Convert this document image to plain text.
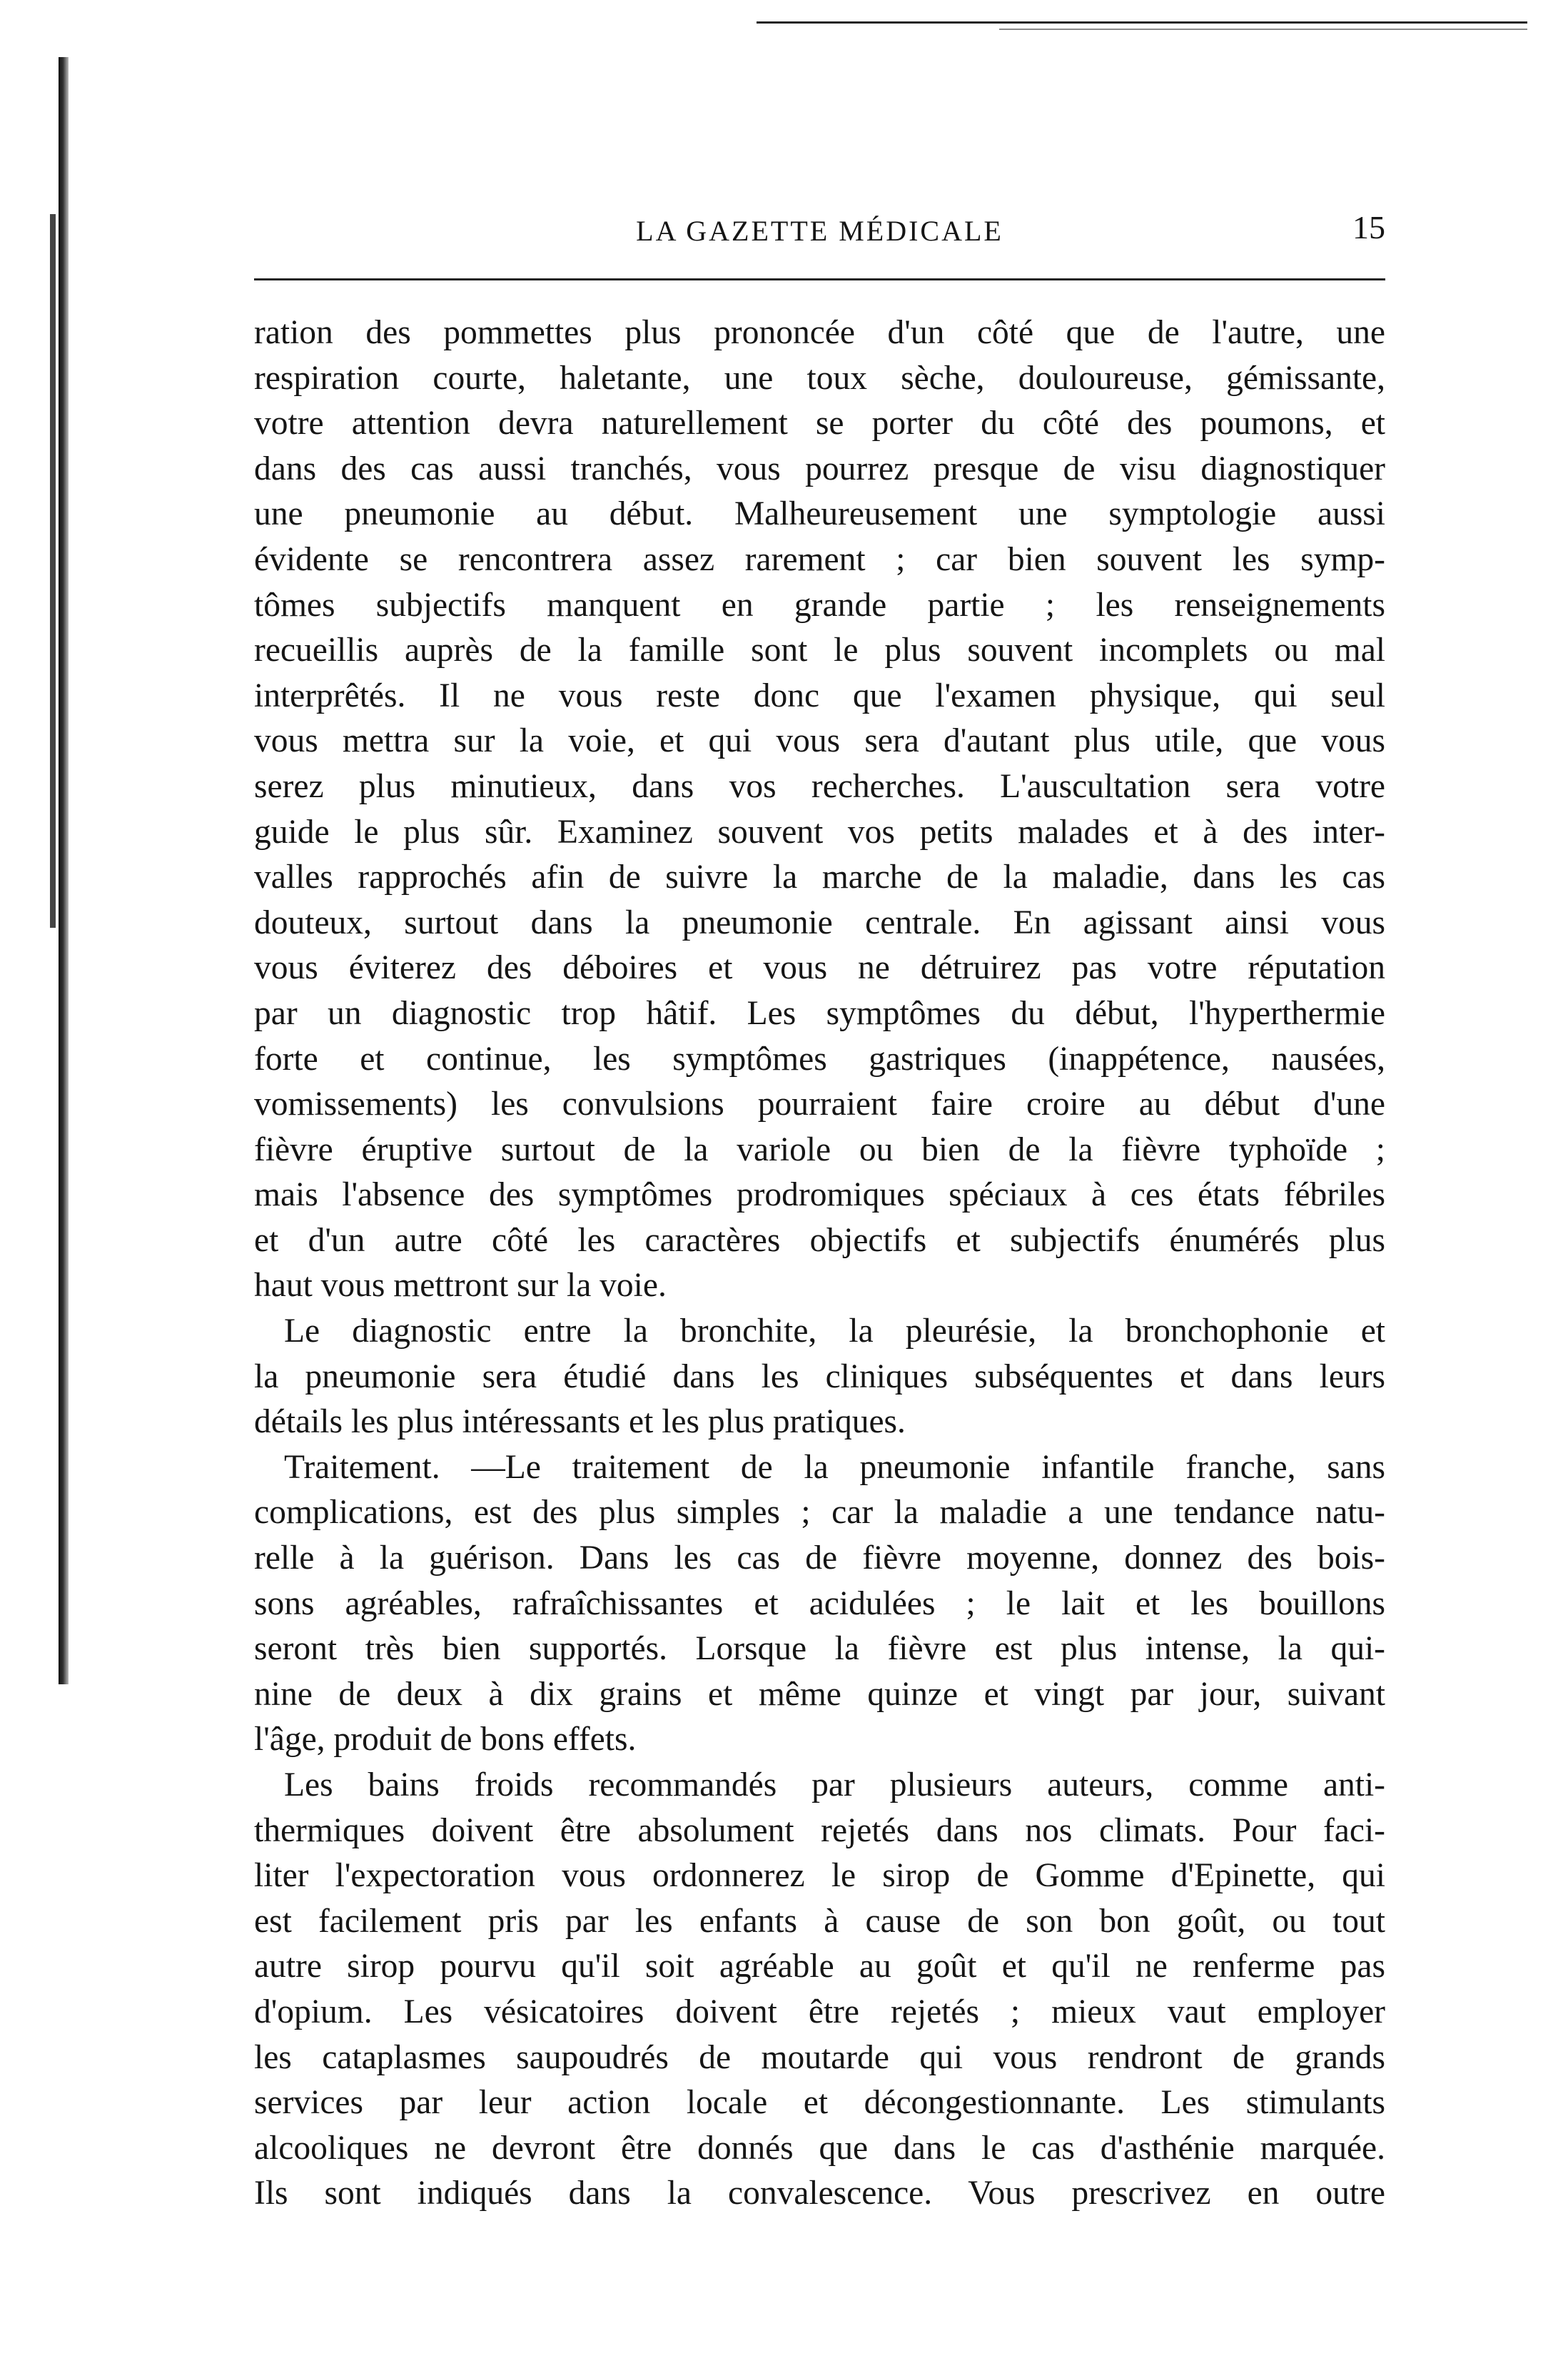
LA GAZETTE MÉDICALE	15
ration des pommettes plus prononcée d'un côté que de l'autre, une
respiration courte, haletante, une toux sèche, douloureuse, gémissante,
votre attention devra naturellement se porter du côté des poumons, et
dans des cas aussi tranchés, vous pourrez presque de visu diagnostiquer
une pneumonie au début. Malheureusement une symptologie aussi
évidente se rencontrera assez rarement ; car bien souvent les symp-
tômes subjectifs manquent en grande partie ; les renseignements
recueillis auprès de la famille sont le plus souvent incomplets ou mal
interprêtés. Il ne vous reste donc que l'examen physique, qui seul
vous mettra sur la voie, et qui vous sera d'autant plus utile, que vous
serez plus minutieux, dans vos recherches. L'auscultation sera votre
guide le plus sûr. Examinez souvent vos petits malades et à des inter-
valles rapprochés afin de suivre la marche de la maladie, dans les cas
douteux, surtout dans la pneumonie centrale. En agissant ainsi vous
vous éviterez des déboires et vous ne détruirez pas votre réputation
par un diagnostic trop hâtif. Les symptômes du début, l'hyperthermie
forte et continue, les symptômes gastriques (inappétence, nausées,
vomissements) les convulsions pourraient faire croire au début d'une
fièvre éruptive surtout de la variole ou bien de la fièvre typhoïde ;
mais l'absence des symptômes prodromiques spéciaux à ces états fébriles
et d'un autre côté les caractères objectifs et subjectifs énumérés plus
haut vous mettront sur la voie.
Le diagnostic entre la bronchite, la pleurésie, la bronchophonie et
la pneumonie sera étudié dans les cliniques subséquentes et dans leurs
détails les plus intéressants et les plus pratiques.
Traitement. —Le traitement de la pneumonie infantile franche, sans
complications, est des plus simples ; car la maladie a une tendance natu-
relle à la guérison. Dans les cas de fièvre moyenne, donnez des bois-
sons agréables, rafraîchissantes et acidulées ; le lait et les bouillons
seront très bien supportés. Lorsque la fièvre est plus intense, la qui-
nine de deux à dix grains et même quinze et vingt par jour, suivant
l'âge, produit de bons effets.
Les bains froids recommandés par plusieurs auteurs, comme anti-
thermiques doivent être absolument rejetés dans nos climats. Pour faci-
liter l'expectoration vous ordonnerez le sirop de Gomme d'Epinette, qui
est facilement pris par les enfants à cause de son bon goût, ou tout
autre sirop pourvu qu'il soit agréable au goût et qu'il ne renferme pas
d'opium. Les vésicatoires doivent être rejetés ; mieux vaut employer
les cataplasmes saupoudrés de moutarde qui vous rendront de grands
services par leur action locale et décongestionnante. Les stimulants
alcooliques ne devront être donnés que dans le cas d'asthénie marquée.
Ils sont indiqués dans la convalescence. Vous prescrivez en outre
